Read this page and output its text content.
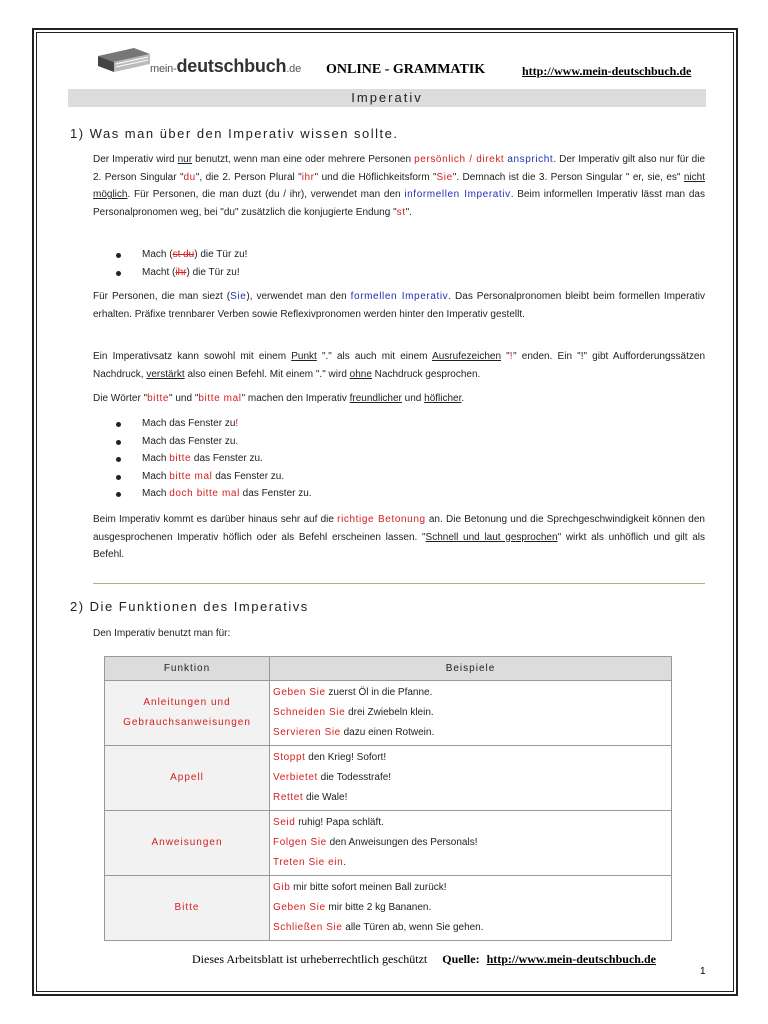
mein-deutschbuch.de ONLINE - GRAMMATIK	http://www.mein-deutschbuch.de
Imperativ
1) Was man über den Imperativ wissen sollte.

Der Imperativ wird nur benutzt, wenn man eine oder mehrere Personen persönlich / direkt anspricht. Der Imperativ gilt also nur für die 2. Person Singular "du", die 2. Person Plural "ihr" und die Höflichkeitsform "Sie". Demnach ist die 3. Person Singular " er, sie, es" nicht möglich. Für Personen, die man duzt (du / ihr), verwendet man den informellen Imperativ. Beim informellen Imperativ lässt man das Personalpronomen weg, bei "du" zusätzlich die konjugierte Endung "st".

Mach (st du) die Tür zu!
Macht (ihr) die Tür zu!

Für Personen, die man siezt (Sie), verwendet man den formellen Imperativ. Das Personalpronomen bleibt beim formellen Imperativ erhalten. Präfixe trennbarer Verben sowie Reflexivpronomen werden hinter den Imperativ gestellt.

Ein Imperativsatz kann sowohl mit einem Punkt "." als auch mit einem Ausrufezeichen "!" enden. Ein "!" gibt Aufforderungssätzen Nachdruck, verstärkt also einen Befehl. Mit einem "." wird ohne Nachdruck gesprochen.

Die Wörter "bitte" und "bitte mal" machen den Imperativ freundlicher und höflicher.

Mach das Fenster zu!
Mach das Fenster zu.
Mach bitte das Fenster zu.
Mach bitte mal das Fenster zu.
Mach doch bitte mal das Fenster zu.

Beim Imperativ kommt es darüber hinaus sehr auf die richtige Betonung an. Die Betonung und die Sprechgeschwindigkeit können den ausgesprochenen Imperativ höflich oder als Befehl erscheinen lassen. "Schnell und laut gesprochen" wirkt als unhöflich und gilt als Befehl.

2) Die Funktionen des Imperativs

Den Imperativ benutzt man für:

Funktion	Beispiele
Anleitungen und Gebrauchsanweisungen	Geben Sie zuerst Öl in die Pfanne.
Schneiden Sie drei Zwiebeln klein.
Servieren Sie dazu einen Rotwein.

Appell	Stoppt den Krieg! Sofort!
Verbietet die Todesstrafe!
Rettet die Wale!

Anweisungen	Seid ruhig! Papa schläft.
Folgen Sie den Anweisungen des Personals!
Treten Sie ein.

Bitte	Gib mir bitte sofort meinen Ball zurück!
Geben Sie mir bitte 2 kg Bananen.
Schließen Sie alle Türen ab, wenn Sie gehen.
Dieses Arbeitsblatt ist urheberrechtlich geschützt Quelle: http://www.mein-deutschbuch.de
1
